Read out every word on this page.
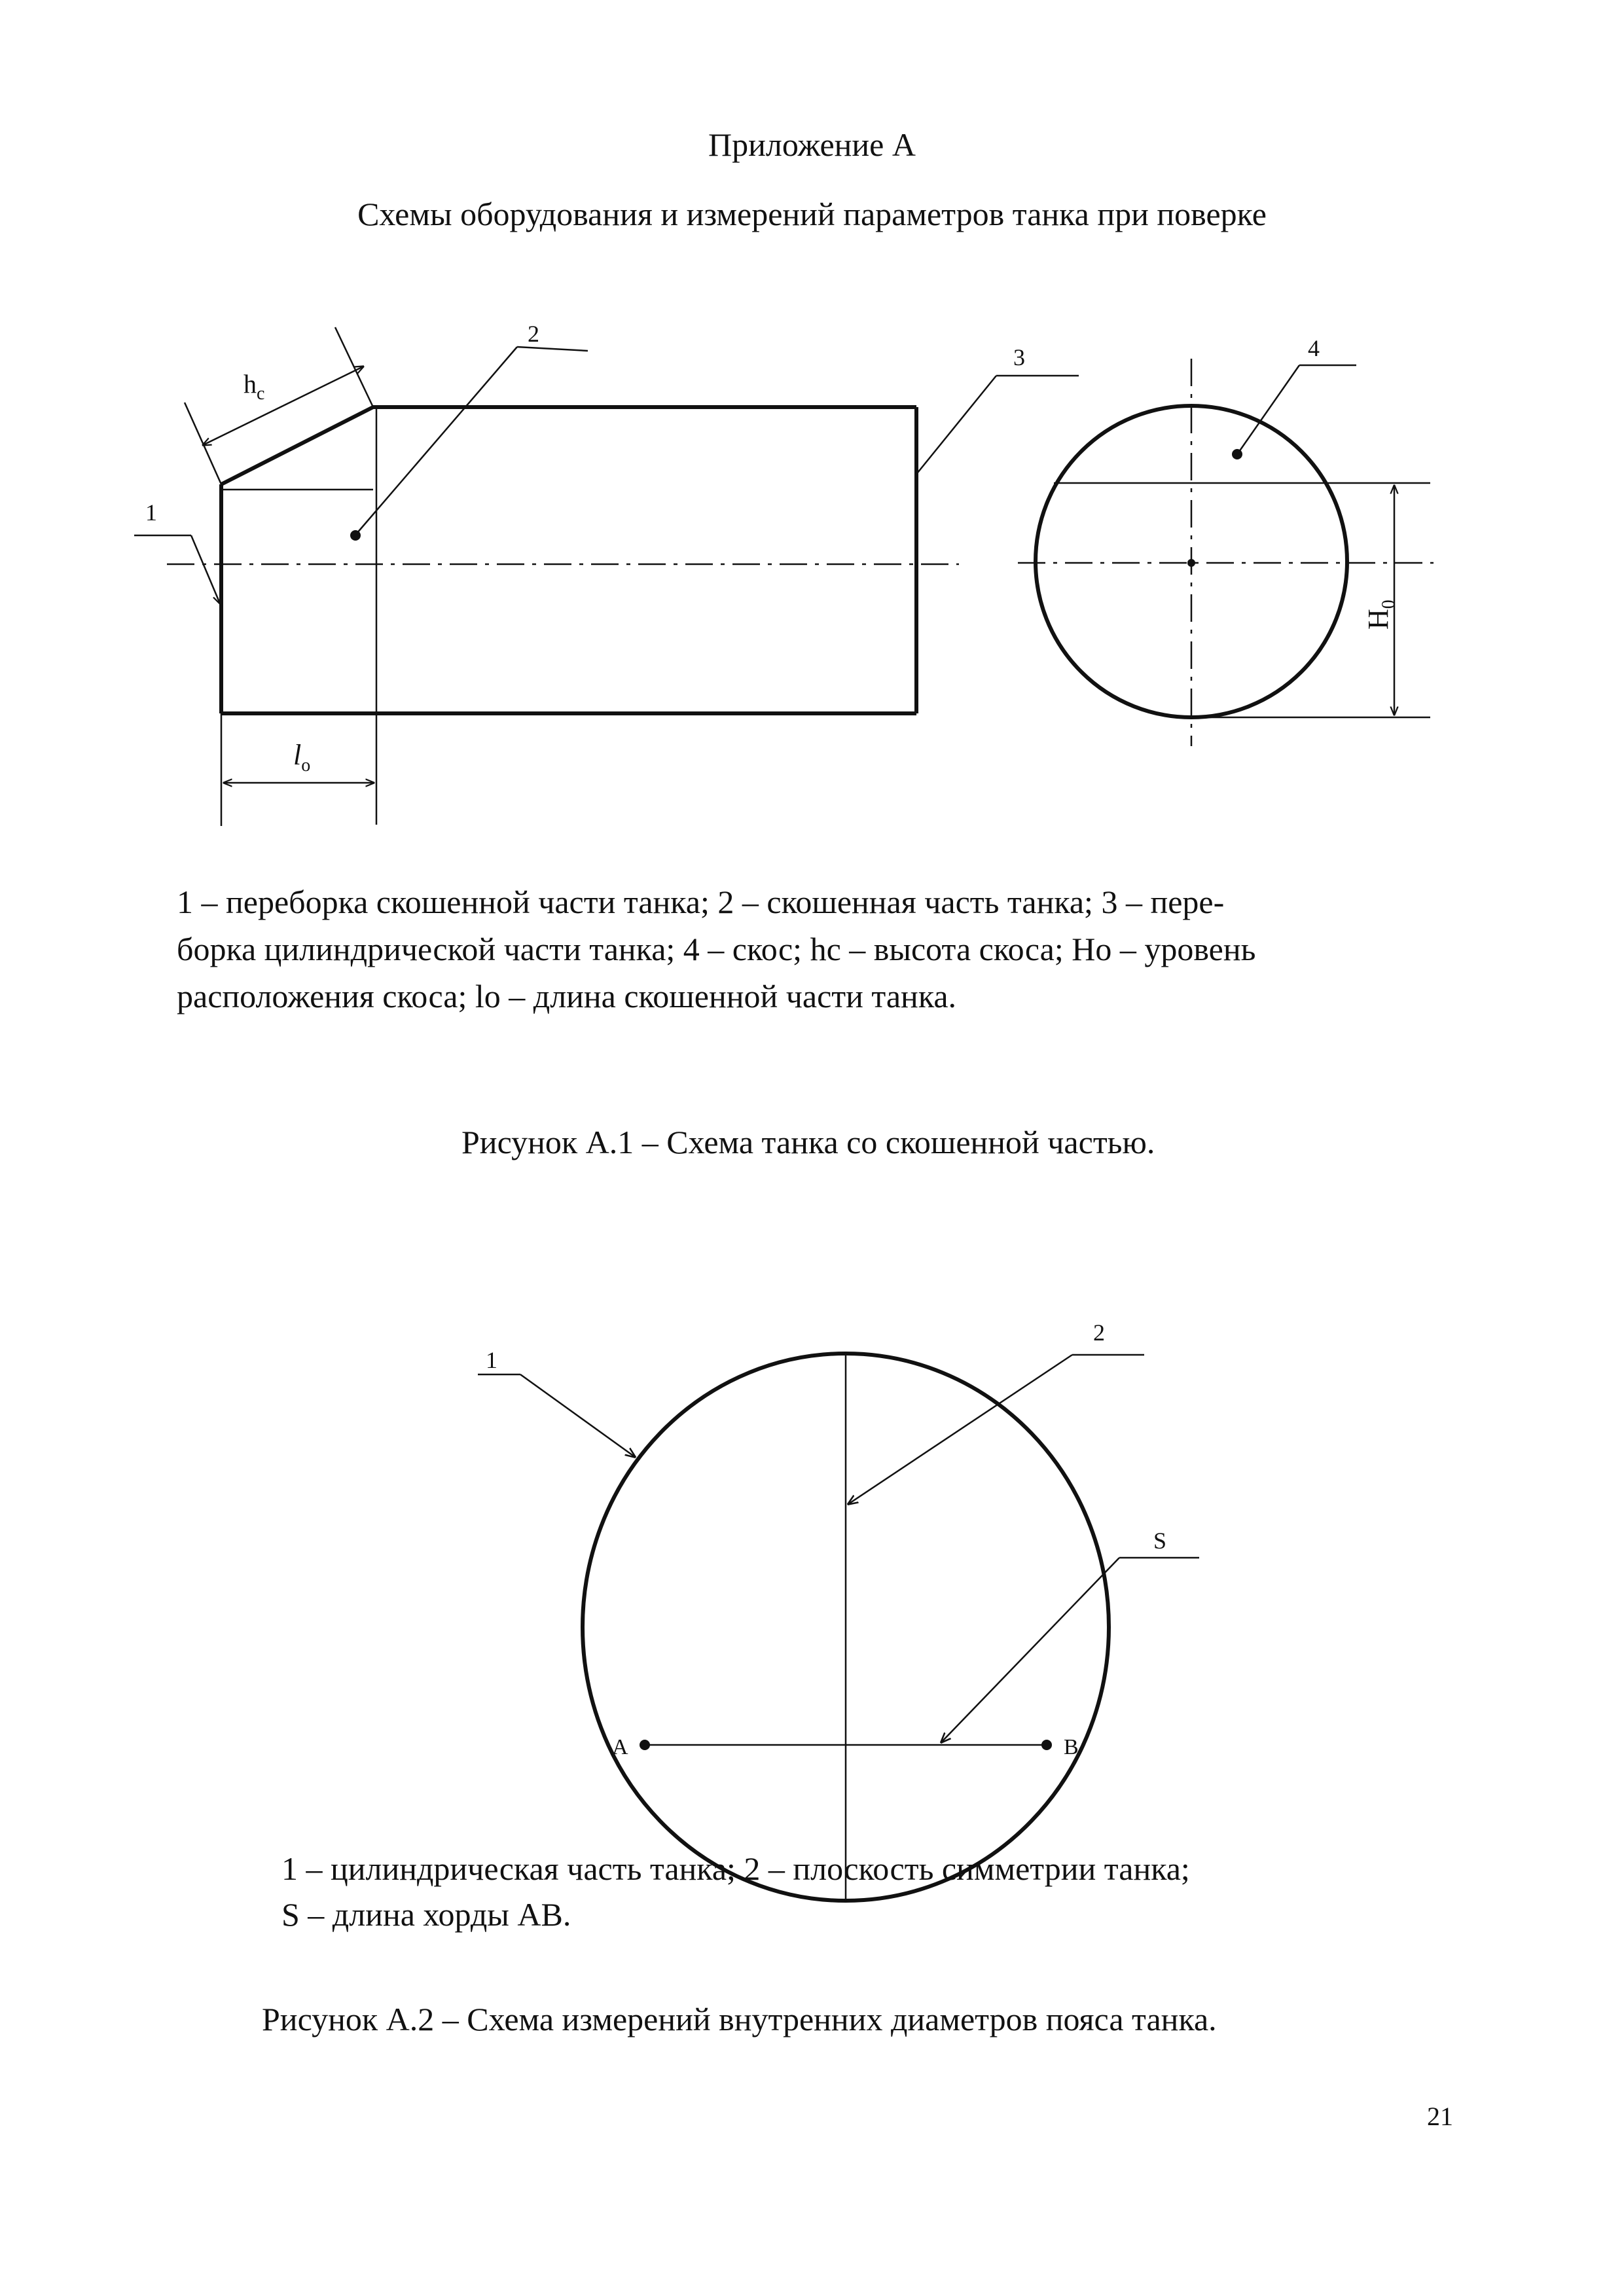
Приложение А
Схемы оборудования и измерений параметров танка при поверке
$h_c$
$l_o$
1
2
3	4
$H_0$
1 – переборка скошенной части танка; 2 – скошенная часть танка; 3 – пере-
борка цилиндрической части танка; 4 – скос; hс – высота скоса; Но – уровень
расположения скоса; lо – длина скошенной части танка.
Рисунок А.1 – Схема танка со скошенной частью.
A	B
1
2
S
1 – цилиндрическая часть танка; 2 – плоскость симметрии танка;
S – длина хорды АВ.
Рисунок А.2 – Схема измерений внутренних диаметров пояса танка.
21
